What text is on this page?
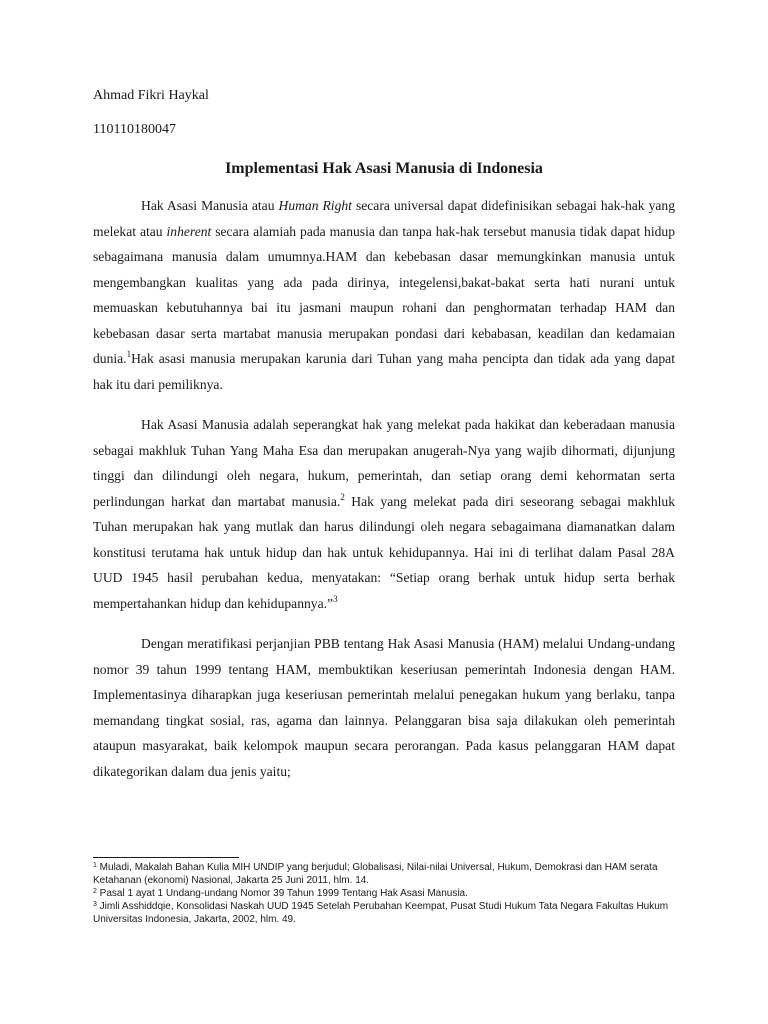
Ahmad Fikri Haykal

110110180047

Implementasi Hak Asasi Manusia di Indonesia

Hak Asasi Manusia atau Human Right secara universal dapat didefinisikan sebagai hak-hak yang melekat atau inherent secara alamiah pada manusia dan tanpa hak-hak tersebut manusia tidak dapat hidup sebagaimana manusia dalam umumnya.HAM dan kebebasan dasar memungkinkan manusia untuk mengembangkan kualitas yang ada pada dirinya, integelensi,bakat-bakat serta hati nurani untuk memuaskan kebutuhannya bai itu jasmani maupun rohani dan penghormatan terhadap HAM dan kebebasan dasar serta martabat manusia merupakan pondasi dari kebabasan, keadilan dan kedamaian dunia.$^1$Hak asasi manusia merupakan karunia dari Tuhan yang maha pencipta dan tidak ada yang dapat hak itu dari pemiliknya.

Hak Asasi Manusia adalah seperangkat hak yang melekat pada hakikat dan keberadaan manusia sebagai makhluk Tuhan Yang Maha Esa dan merupakan anugerah-Nya yang wajib dihormati, dijunjung tinggi dan dilindungi oleh negara, hukum, pemerintah, dan setiap orang demi kehormatan serta perlindungan harkat dan martabat manusia.$^2$ Hak yang melekat pada diri seseorang sebagai makhluk Tuhan merupakan hak yang mutlak dan harus dilindungi oleh negara sebagaimana diamanatkan dalam konstitusi terutama hak untuk hidup dan hak untuk kehidupannya. Hai ini di terlihat dalam Pasal 28A UUD 1945 hasil perubahan kedua, menyatakan: “Setiap orang berhak untuk hidup serta berhak mempertahankan hidup dan kehidupannya.”$^3$

Dengan meratifikasi perjanjian PBB tentang Hak Asasi Manusia (HAM) melalui Undang-undang nomor 39 tahun 1999 tentang HAM, membuktikan keseriusan pemerintah Indonesia dengan HAM. Implementasinya diharapkan juga keseriusan pemerintah melalui penegakan hukum yang berlaku, tanpa memandang tingkat sosial, ras, agama dan lainnya. Pelanggaran bisa saja dilakukan oleh pemerintah ataupun masyarakat, baik kelompok maupun secara perorangan. Pada kasus pelanggaran HAM dapat dikategorikan dalam dua jenis yaitu;

$^1$ Muladi, Makalah Bahan Kulia MIH UNDIP yang berjudul; Globalisasi, Nilai-nilai Universal, Hukum, Demokrasi dan HAM serata Ketahanan (ekonomi) Nasional, Jakarta 25 Juni 2011, hlm. 14.

$^2$ Pasal 1 ayat 1 Undang-undang Nomor 39 Tahun 1999 Tentang Hak Asasi Manusia.

$^3$ Jimli Asshiddqie, Konsolidasi Naskah UUD 1945 Setelah Perubahan Keempat, Pusat Studi Hukum Tata Negara Fakultas Hukum Universitas Indonesia, Jakarta, 2002, hlm. 49.
